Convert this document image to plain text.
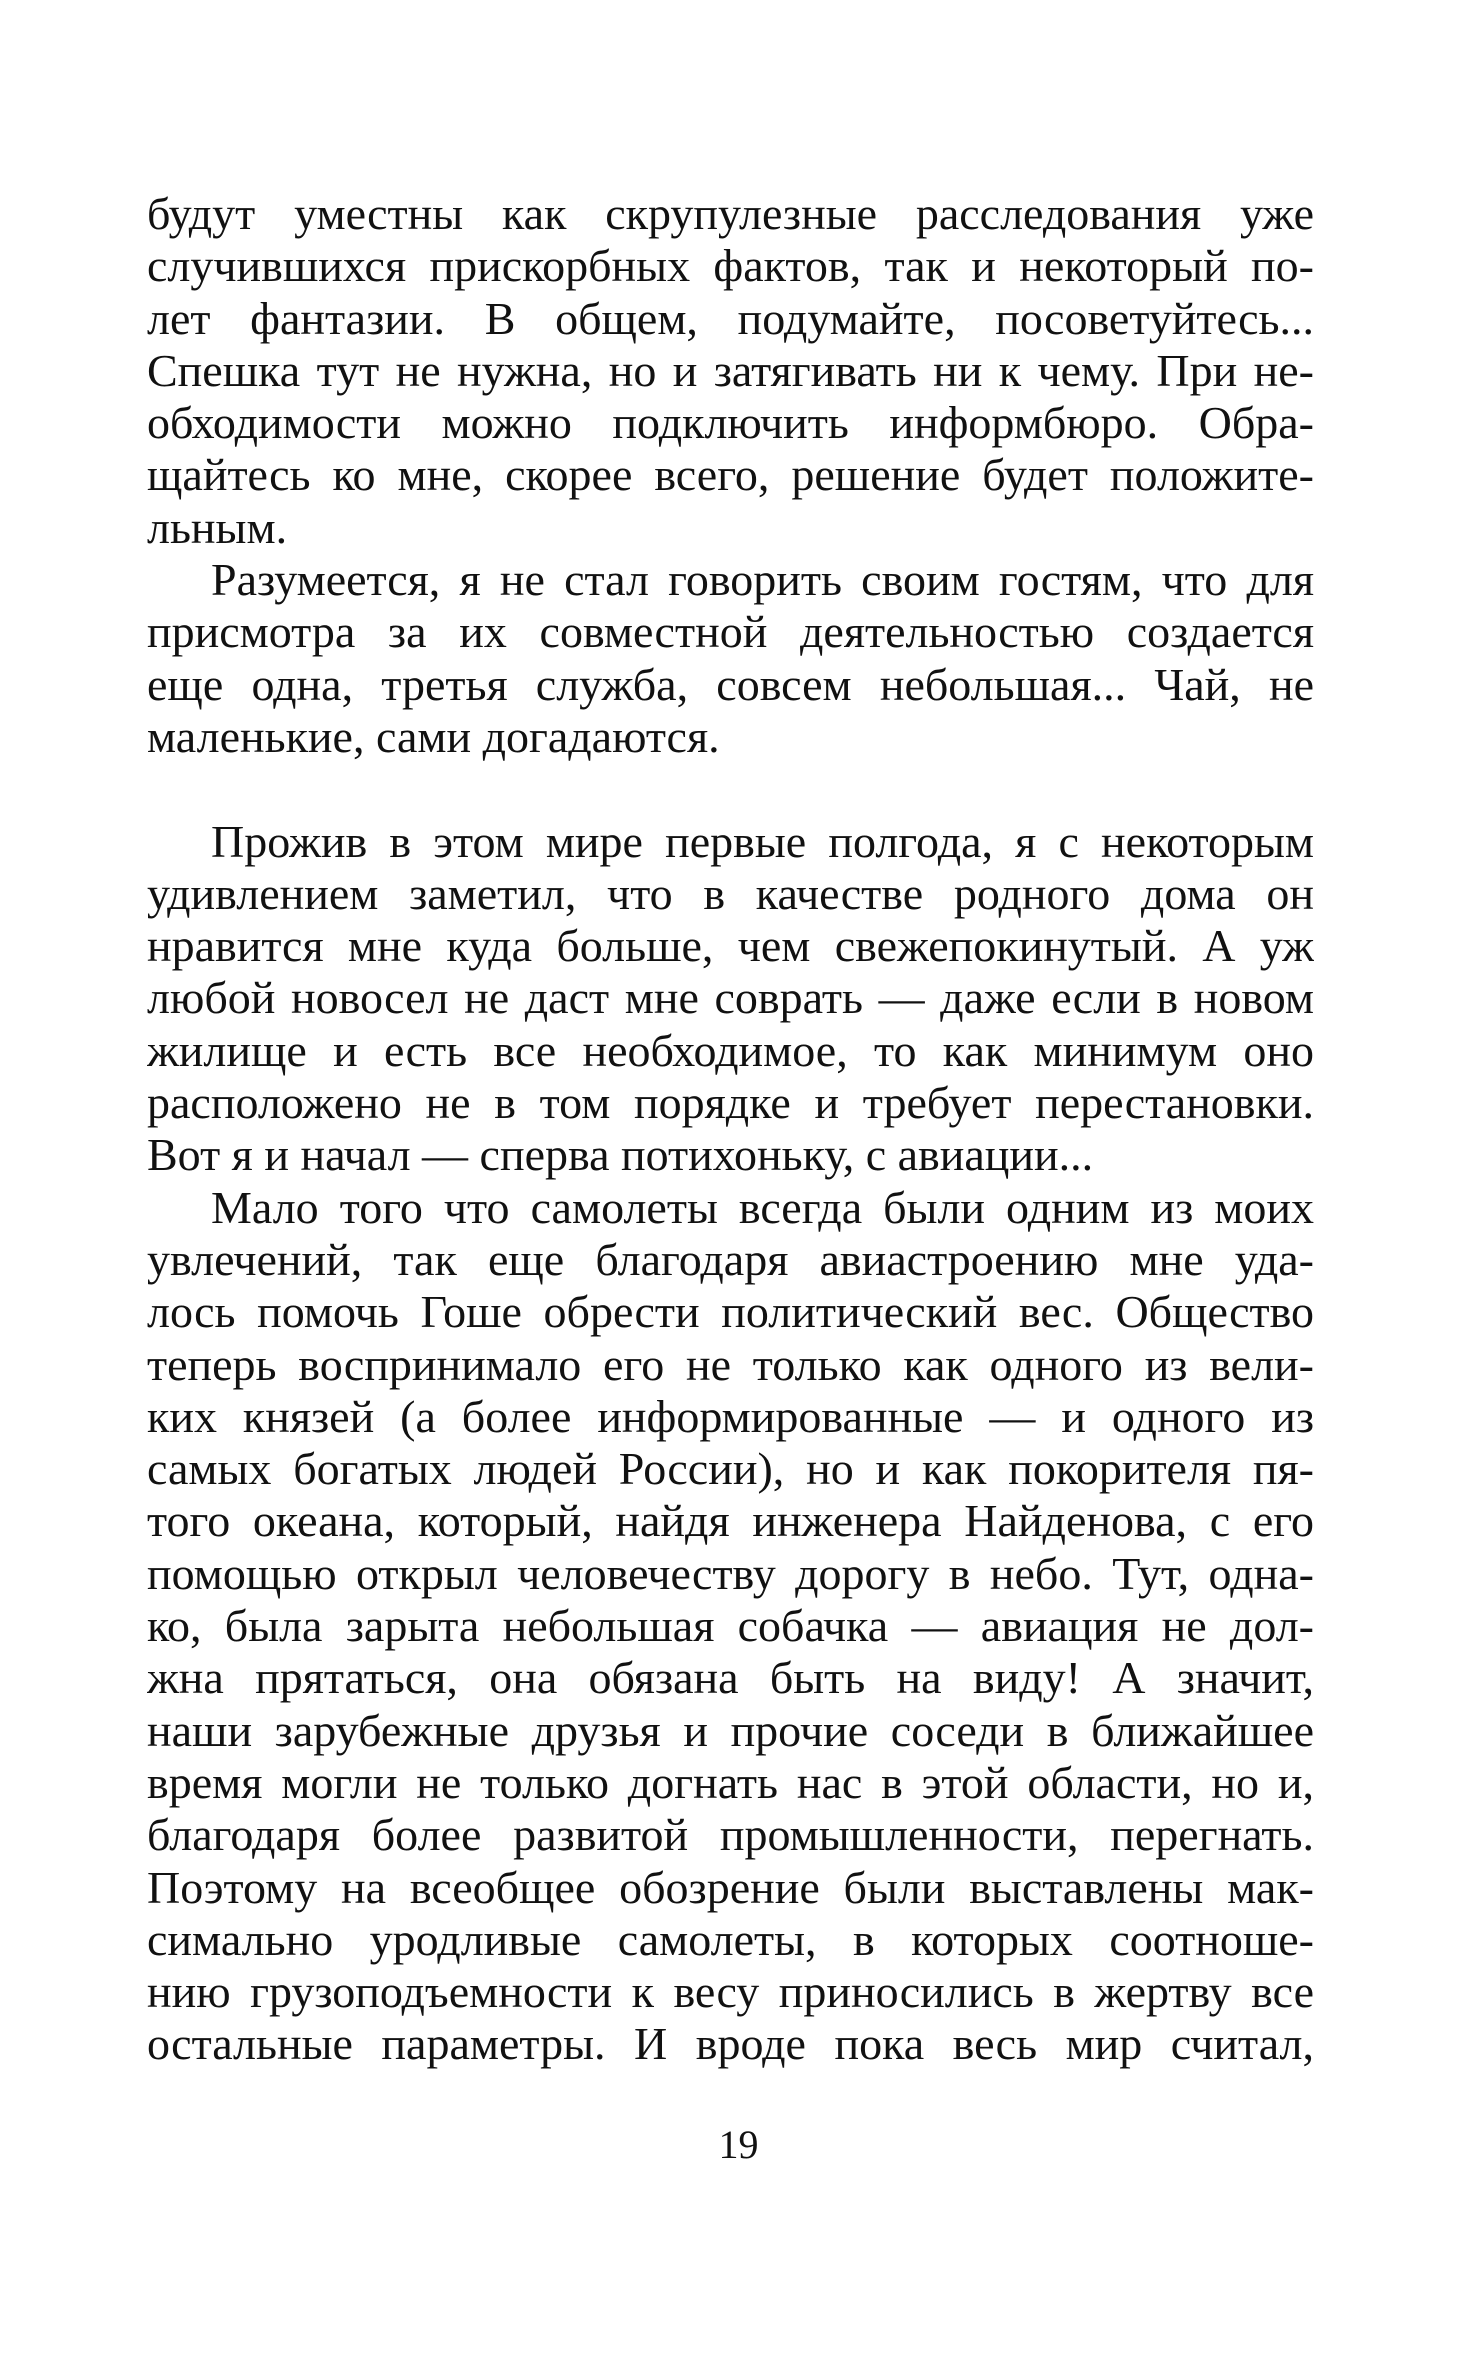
будут уместны как скрупулезные расследования уже
случившихся прискорбных фактов, так и некоторый по-
лет фантазии. В общем, подумайте, посоветуйтесь...
Спешка тут не нужна, но и затягивать ни к чему. При не-
обходимости можно подключить информбюро. Обра-
щайтесь ко мне, скорее всего, решение будет положите-
льным.
Разумеется, я не стал говорить своим гостям, что для
присмотра за их совместной деятельностью создается
еще одна, третья служба, совсем небольшая... Чай, не
маленькие, сами догадаются.
Прожив в этом мире первые полгода, я с некоторым
удивлением заметил, что в качестве родного дома он
нравится мне куда больше, чем свежепокинутый. А уж
любой новосел не даст мне соврать — даже если в новом
жилище и есть все необходимое, то как минимум оно
расположено не в том порядке и требует перестановки.
Вот я и начал — сперва потихоньку, с авиации...
Мало того что самолеты всегда были одним из моих
увлечений, так еще благодаря авиастроению мне уда-
лось помочь Гоше обрести политический вес. Общество
теперь воспринимало его не только как одного из вели-
ких князей (а более информированные — и одного из
самых богатых людей России), но и как покорителя пя-
того океана, который, найдя инженера Найденова, с его
помощью открыл человечеству дорогу в небо. Тут, одна-
ко, была зарыта небольшая собачка — авиация не дол-
жна прятаться, она обязана быть на виду! А значит,
наши зарубежные друзья и прочие соседи в ближайшее
время могли не только догнать нас в этой области, но и,
благодаря более развитой промышленности, перегнать.
Поэтому на всеобщее обозрение были выставлены мак-
симально уродливые самолеты, в которых соотноше-
нию грузоподъемности к весу приносились в жертву все
остальные параметры. И вроде пока весь мир считал,
19
